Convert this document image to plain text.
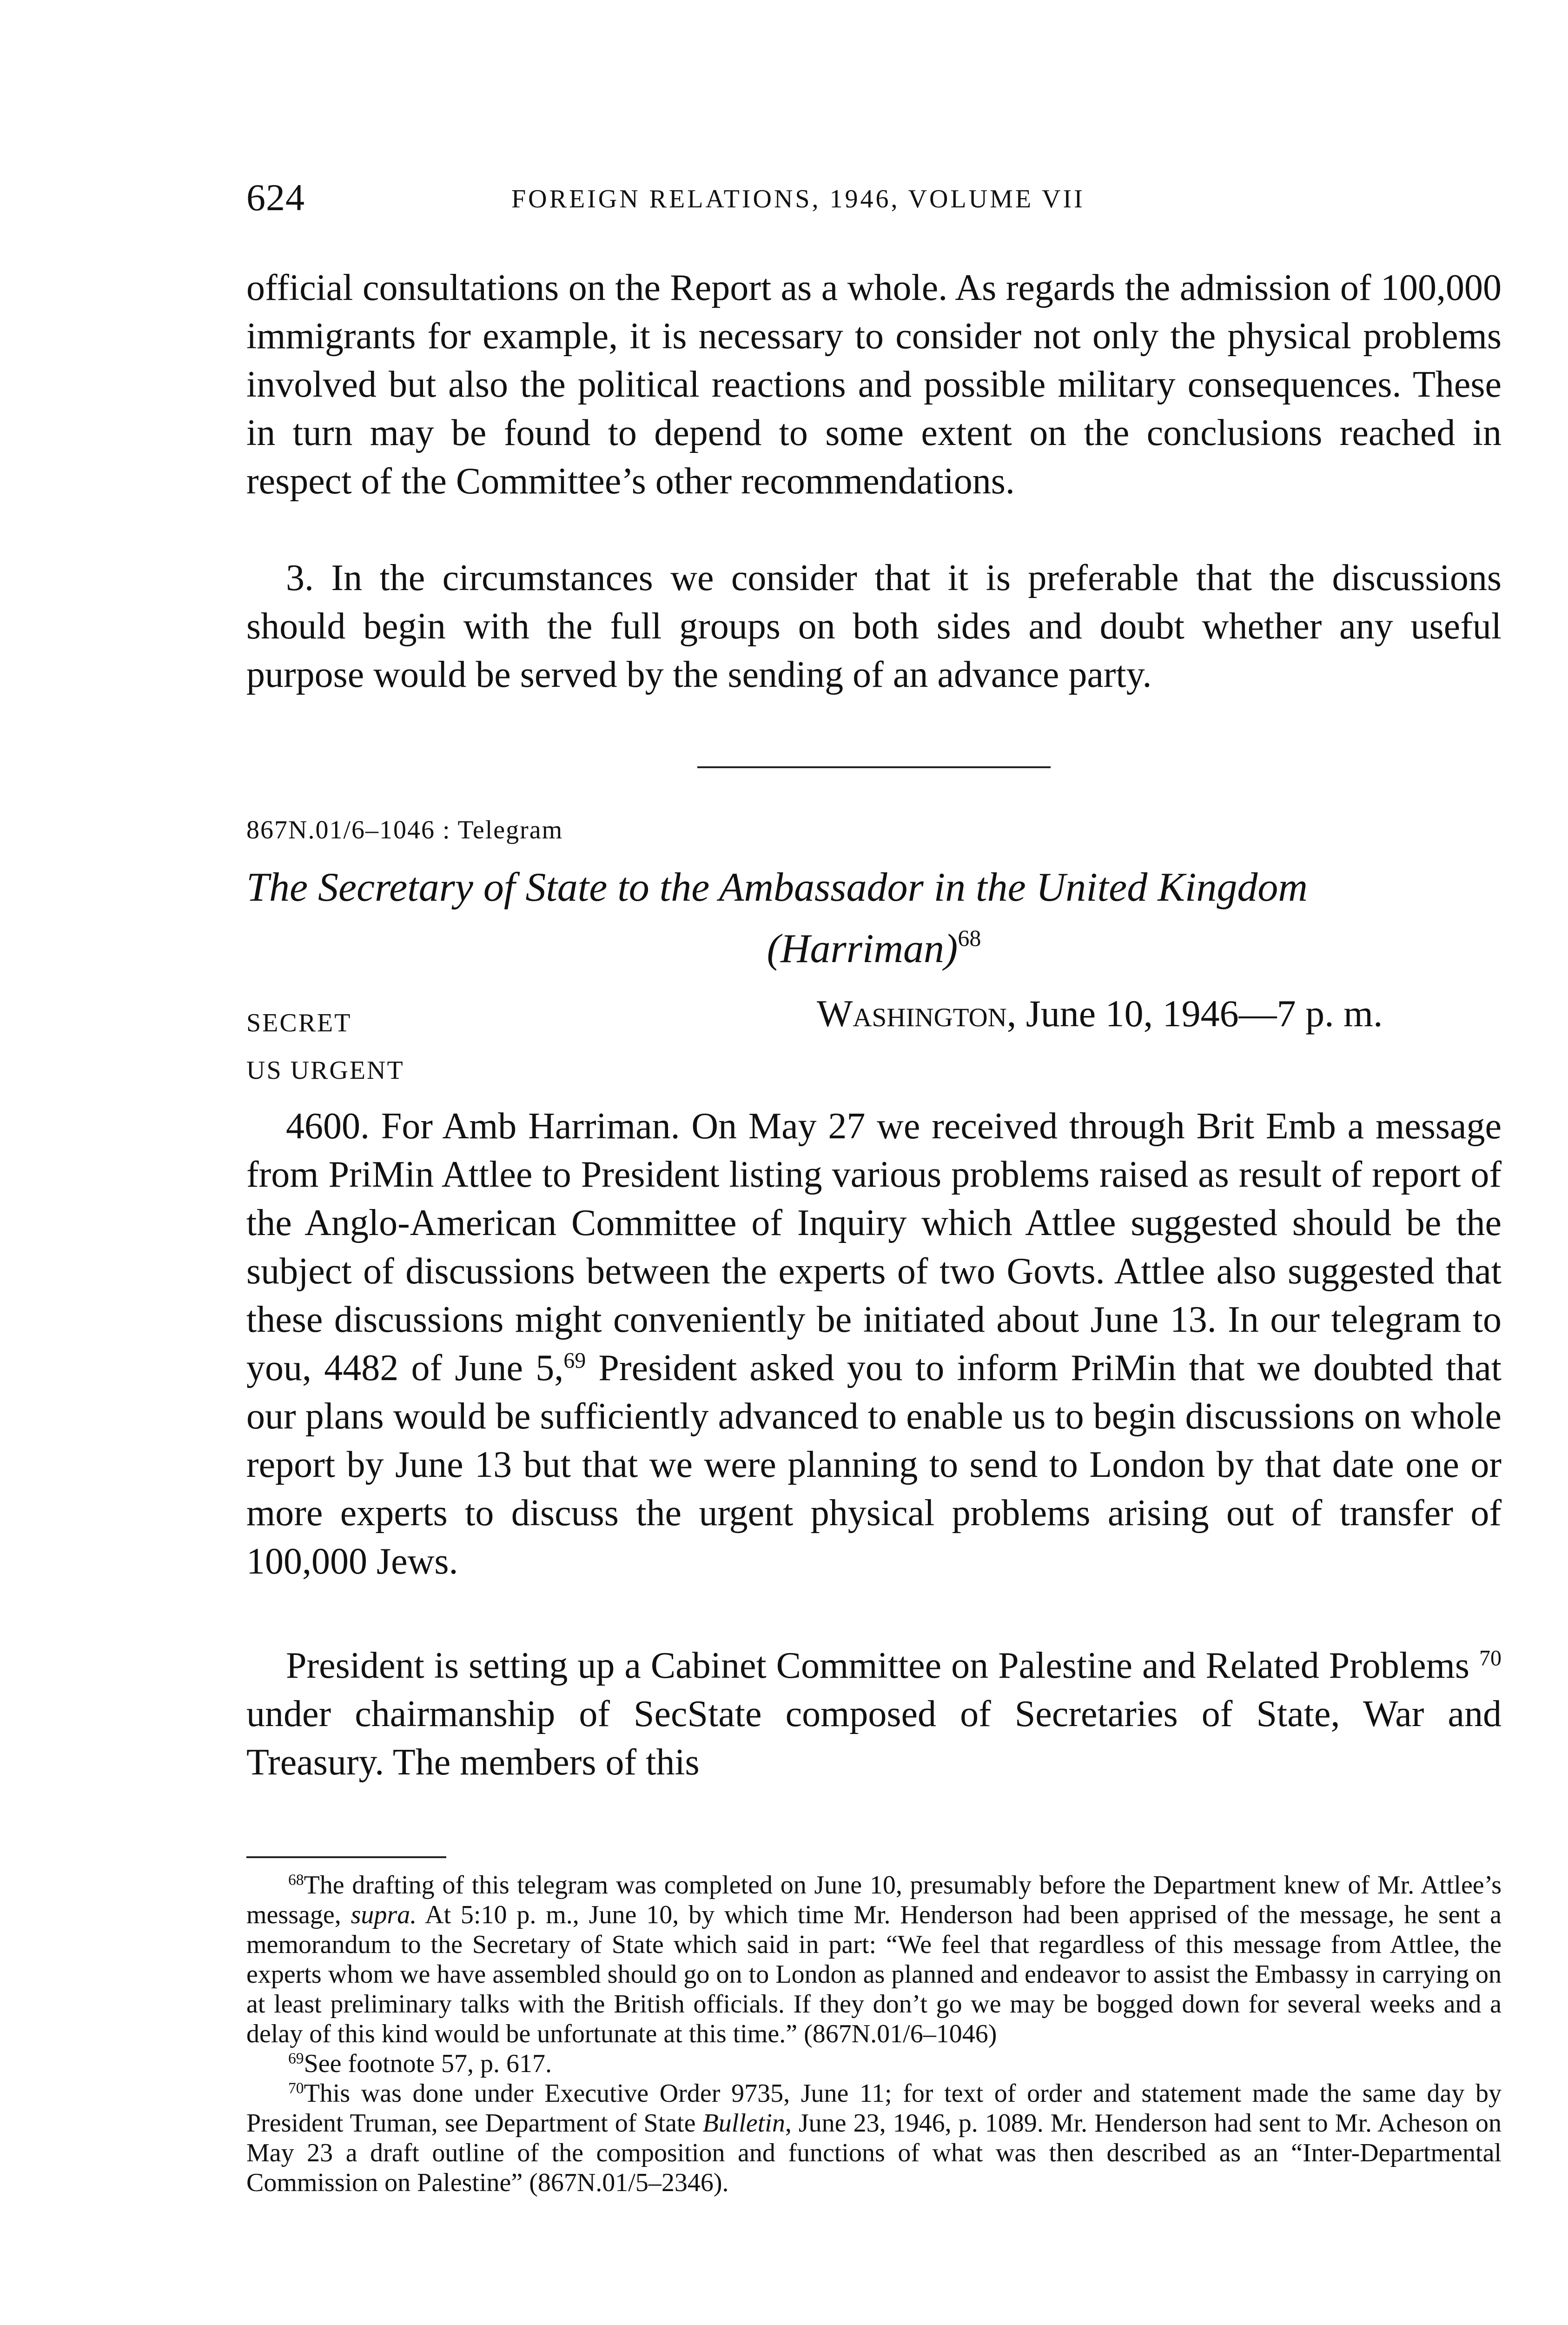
624	FOREIGN RELATIONS, 1946, VOLUME VII

official consultations on the Report as a whole. As regards the admission of 100,000 immigrants for example, it is necessary to consider not only the physical problems involved but also the political reactions and possible military consequences. These in turn may be found to depend to some extent on the conclusions reached in respect of the Committee’s other recommendations.

3. In the circumstances we consider that it is preferable that the discussions should begin with the full groups on both sides and doubt whether any useful purpose would be served by the sending of an advance party.

867N.01/6–1046 : Telegram
The Secretary of State to the Ambassador in the United Kingdom
(Harriman)$^{68}$
SECRET
US URGENT
Washington, June 10, 1946—7 p. m.

4600. For Amb Harriman. On May 27 we received through Brit Emb a message from PriMin Attlee to President listing various problems raised as result of report of the Anglo-American Committee of Inquiry which Attlee suggested should be the subject of discussions between the experts of two Govts. Attlee also suggested that these discussions might conveniently be initiated about June 13. In our telegram to you, 4482 of June 5,69 President asked you to inform PriMin that we doubted that our plans would be sufficiently advanced to enable us to begin discussions on whole report by June 13 but that we were planning to send to London by that date one or more experts to discuss the urgent physical problems arising out of transfer of 100,000 Jews.

President is setting up a Cabinet Committee on Palestine and Related Problems $^{70}$ under chairmanship of SecState composed of Secretaries of State, War and Treasury. The members of this

$^{68}$The drafting of this telegram was completed on June 10, presumably before the Department knew of Mr. Attlee’s message, supra. At 5:10 p. m., June 10, by which time Mr. Henderson had been apprised of the message, he sent a memorandum to the Secretary of State which said in part: “We feel that regardless of this message from Attlee, the experts whom we have assembled should go on to London as planned and endeavor to assist the Embassy in carrying on at least preliminary talks with the British officials. If they don’t go we may be bogged down for several weeks and a delay of this kind would be unfortunate at this time.” (867N.01/6–1046)

$^{69}$See footnote 57, p. 617.

$^{70}$This was done under Executive Order 9735, June 11; for text of order and statement made the same day by President Truman, see Department of State Bulletin, June 23, 1946, p. 1089. Mr. Henderson had sent to Mr. Acheson on May 23 a draft outline of the composition and functions of what was then described as an “Inter-Departmental Commission on Palestine” (867N.01/5–2346).
